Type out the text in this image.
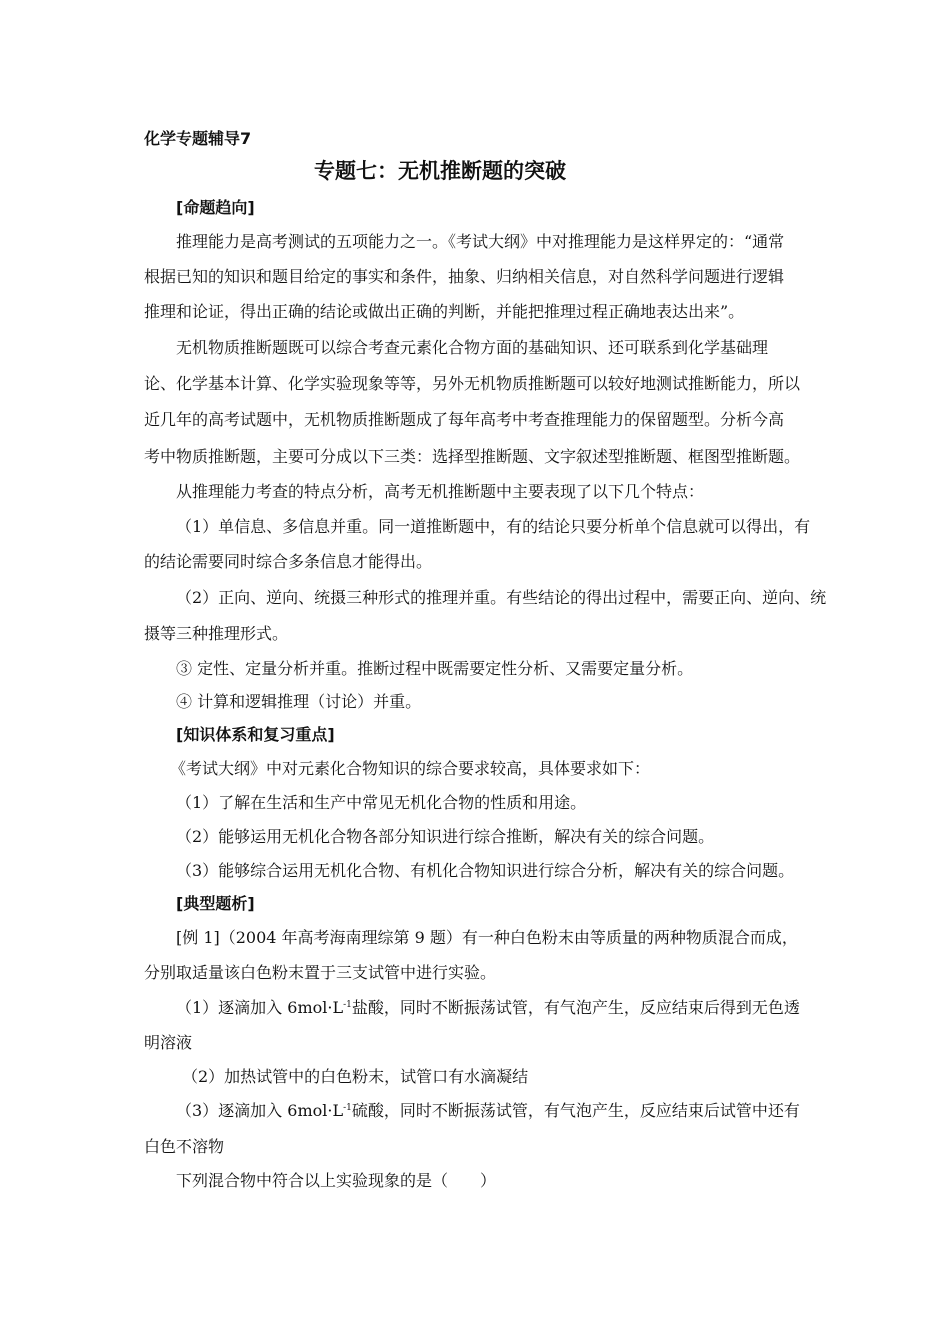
化学专题辅导7
专题七：无机推断题的突破
[命题趋向]
推理能力是高考测试的五项能力之一。《考试大纲》中对推理能力是这样界定的：“通常
根据已知的知识和题目给定的事实和条件，抽象、归纳相关信息，对自然科学问题进行逻辑
推理和论证，得出正确的结论或做出正确的判断，并能把推理过程正确地表达出来”。
无机物质推断题既可以综合考查元素化合物方面的基础知识、还可联系到化学基础理
论、化学基本计算、化学实验现象等等，另外无机物质推断题可以较好地测试推断能力，所以
近几年的高考试题中，无机物质推断题成了每年高考中考查推理能力的保留题型。分析今高
考中物质推断题，主要可分成以下三类：选择型推断题、文字叙述型推断题、框图型推断题。
从推理能力考查的特点分析，高考无机推断题中主要表现了以下几个特点：
（1）单信息、多信息并重。同一道推断题中，有的结论只要分析单个信息就可以得出，有
的结论需要同时综合多条信息才能得出。
（2）正向、逆向、统摄三种形式的推理并重。有些结论的得出过程中，需要正向、逆向、统
摄等三种推理形式。
③ 定性、定量分析并重。推断过程中既需要定性分析、又需要定量分析。
④ 计算和逻辑推理（讨论）并重。
[知识体系和复习重点]
《考试大纲》中对元素化合物知识的综合要求较高，具体要求如下：
（1）了解在生活和生产中常见无机化合物的性质和用途。
（2）能够运用无机化合物各部分知识进行综合推断，解决有关的综合问题。
（3）能够综合运用无机化合物、有机化合物知识进行综合分析，解决有关的综合问题。
[典型题析]
[例 1]（2004 年高考海南理综第 9 题）有一种白色粉末由等质量的两种物质混合而成，
分别取适量该白色粉末置于三支试管中进行实验。
（1）逐滴加入 $6mol\cdot L^{-1}$盐酸，同时不断振荡试管，有气泡产生，反应结束后得到无色透
明溶液
（2）加热试管中的白色粉末，试管口有水滴凝结
（3）逐滴加入 $6mol\cdot L^{-1}$硫酸，同时不断振荡试管，有气泡产生，反应结束后试管中还有
白色不溶物
下列混合物中符合以上实验现象的是（　　）
